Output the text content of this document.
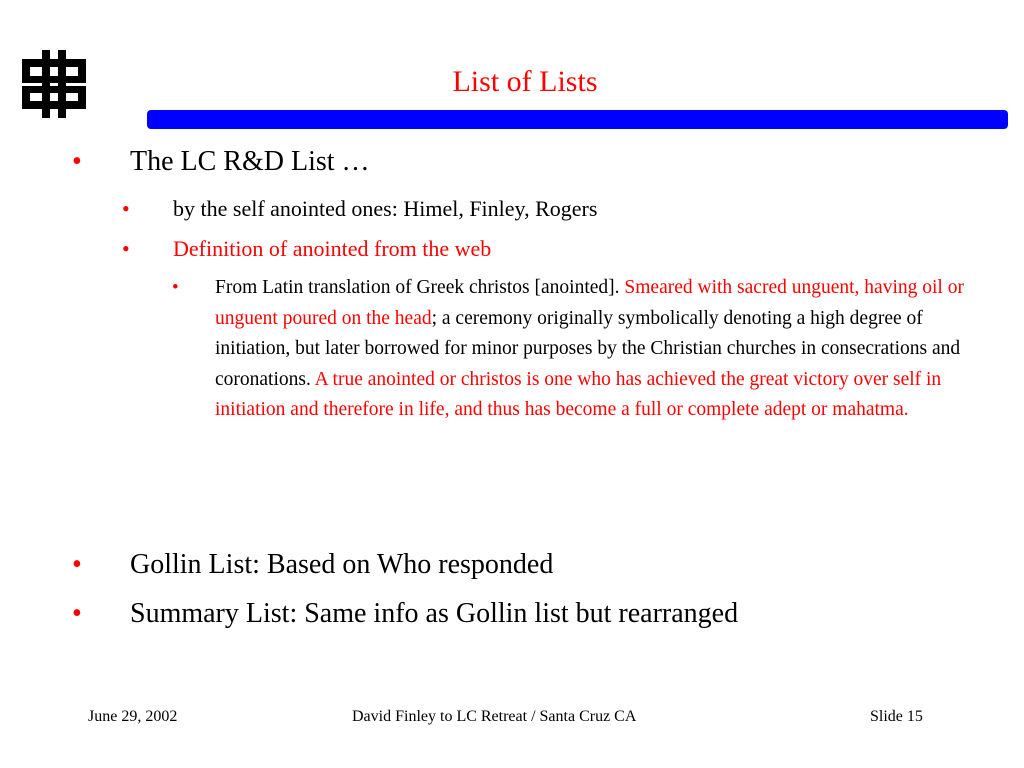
List of Lists
• The LC R&D List …
• by the self anointed ones: Himel, Finley, Rogers
• Definition of anointed from the web
• From Latin translation of Greek christos [anointed]. Smeared with sacred unguent, having oil or unguent poured on the head; a ceremony originally symbolically denoting a high degree of initiation, but later borrowed for minor purposes by the Christian churches in consecrations and coronations. A true anointed or christos is one who has achieved the great victory over self in initiation and therefore in life, and thus has become a full or complete adept or mahatma.
• Gollin List: Based on Who responded
• Summary List: Same info as Gollin list but rearranged
June 29, 2002	David Finley to LC Retreat / Santa Cruz CA	Slide 15
